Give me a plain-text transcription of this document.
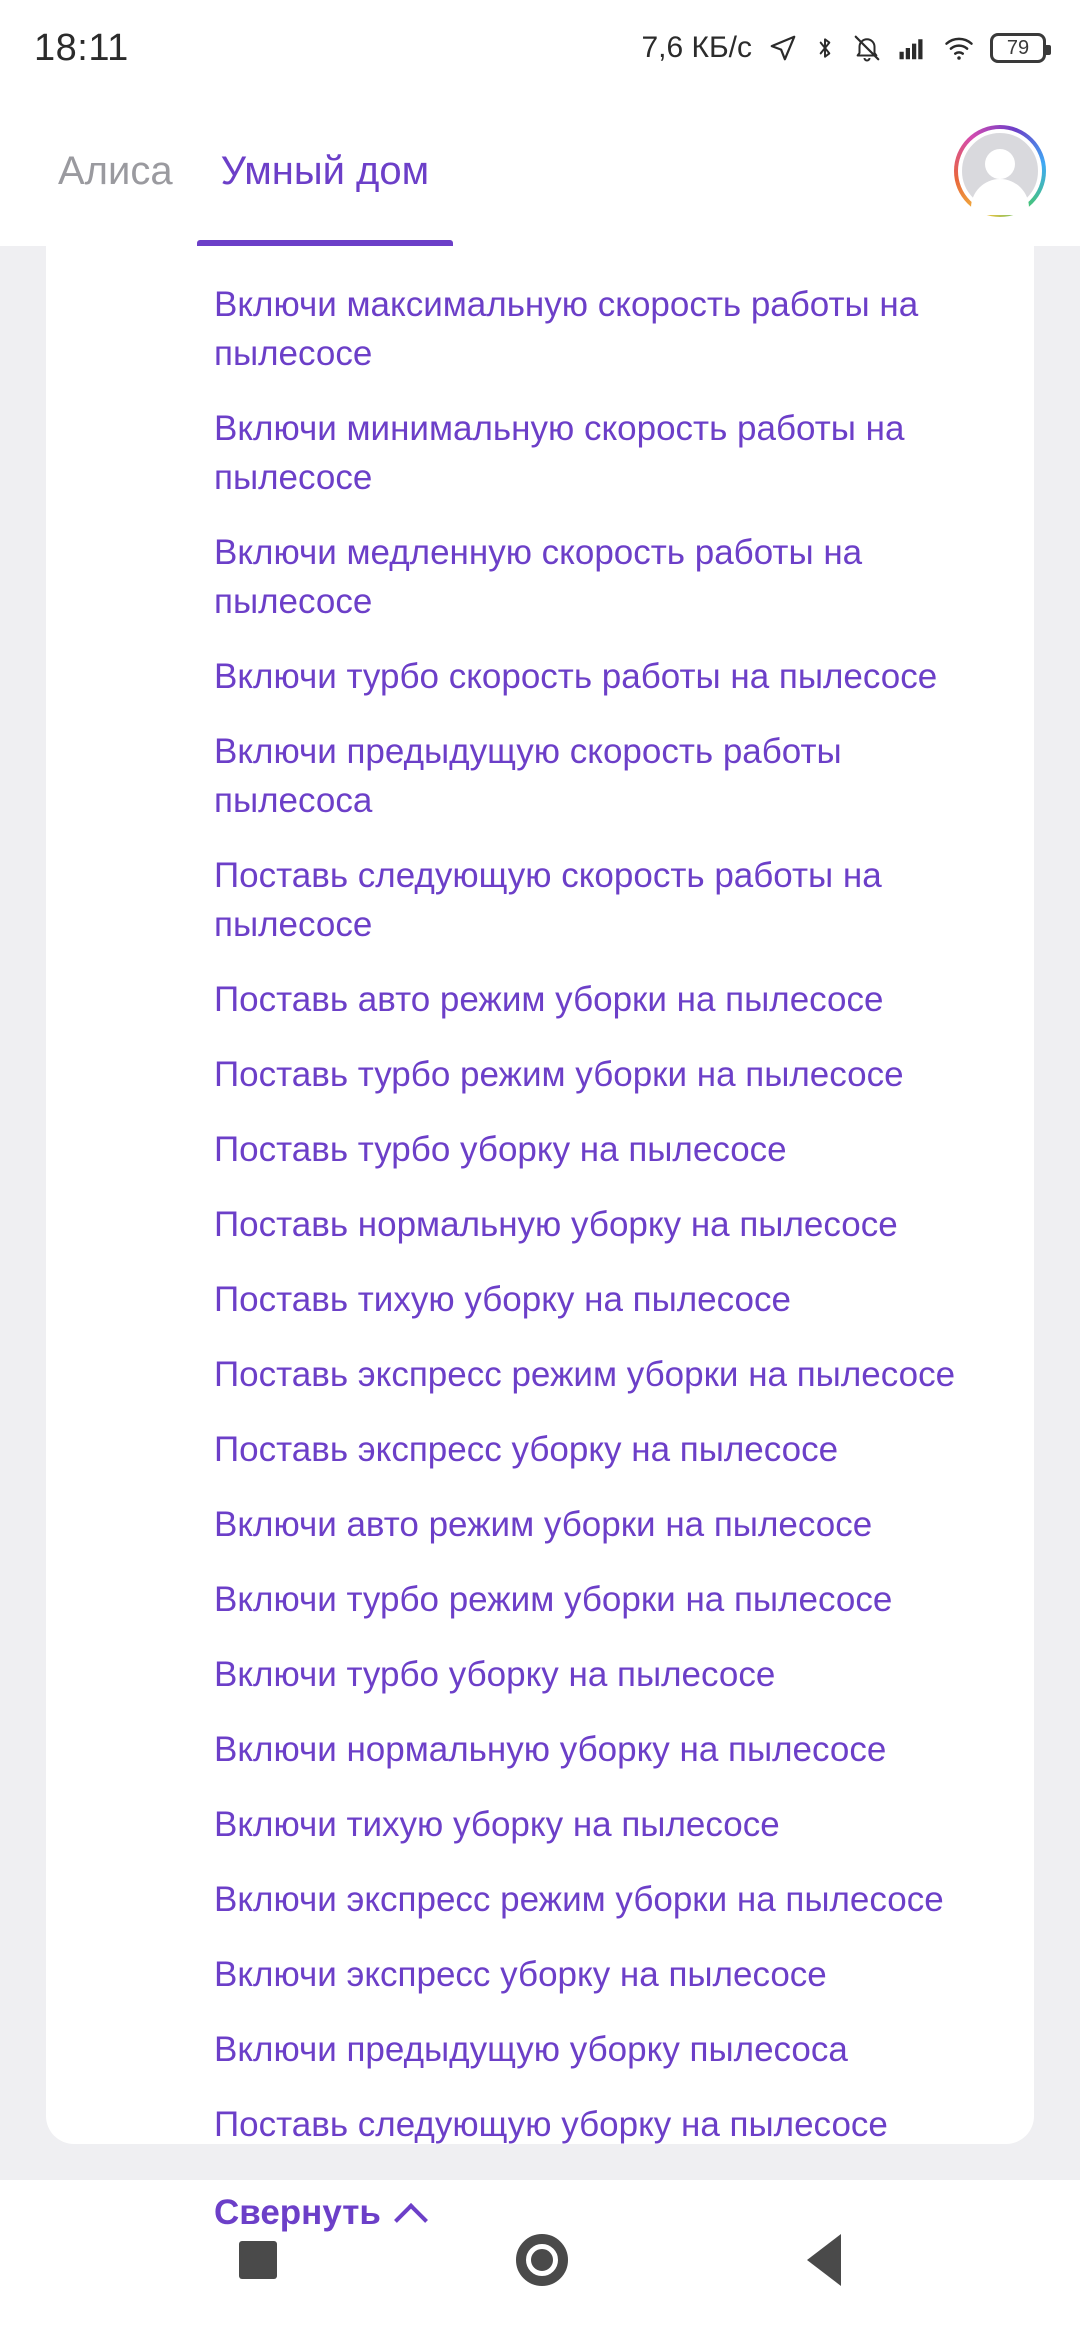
18:11	7,6 КБ/с	79
Алиса Умный дом
Включи максимальную скорость работы на пылесосе
Включи минимальную скорость работы на пылесосе
Включи медленную скорость работы на пылесосе
Включи турбо скорость работы на пылесосе
Включи предыдущую скорость работы пылесоса
Поставь следующую скорость работы на пылесосе
Поставь авто режим уборки на пылесосе
Поставь турбо режим уборки на пылесосе
Поставь турбо уборку на пылесосе
Поставь нормальную уборку на пылесосе
Поставь тихую уборку на пылесосе
Поставь экспресс режим уборки на пылесосе
Поставь экспресс уборку на пылесосе
Включи авто режим уборки на пылесосе
Включи турбо режим уборки на пылесосе
Включи турбо уборку на пылесосе
Включи нормальную уборку на пылесосе
Включи тихую уборку на пылесосе
Включи экспресс режим уборки на пылесосе
Включи экспресс уборку на пылесосе
Включи предыдущую уборку пылесоса
Поставь следующую уборку на пылесосе
Свернуть
